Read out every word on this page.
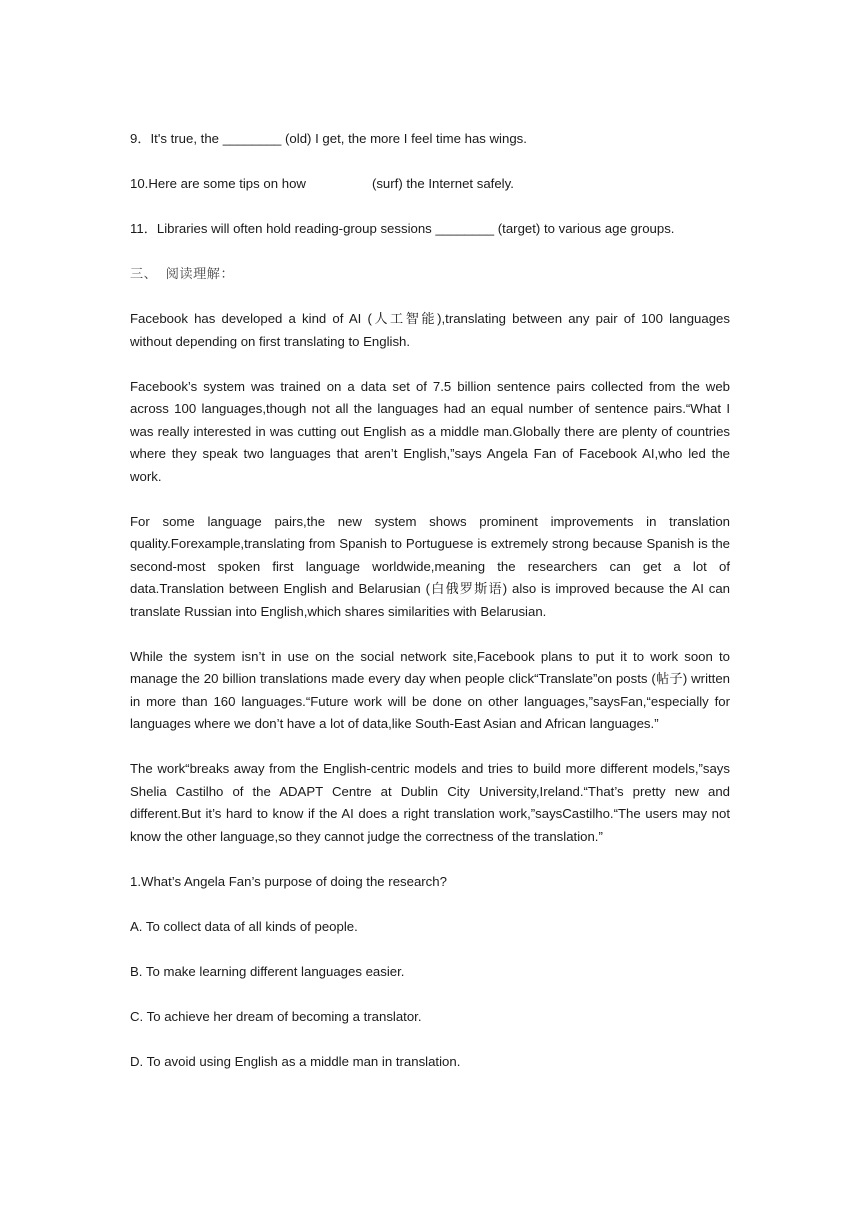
9．It's true, the ________ (old) I get, the more I feel time has wings.
10.Here are some tips on how	(surf) the Internet safely.
11．Libraries will often hold reading-group sessions ________ (target) to various age groups.
三、 阅读理解：

Facebook has developed a kind of AI (人工智能),translating between any pair of 100 languages without depending on first translating to English.

Facebook’s system was trained on a data set of 7.5 billion sentence pairs collected from the web across 100 languages,though not all the languages had an equal number of sentence pairs.“What I was really interested in was cutting out English as a middle man.Globally there are plenty of countries where they speak two languages that aren’t English,”says Angela Fan of Facebook AI,who led the work.

For some language pairs,the new system shows prominent improvements in translation quality.Forexample,translating from Spanish to Portuguese is extremely strong because Spanish is the second-most spoken first language worldwide,meaning the researchers can get a lot of data.Translation between English and Belarusian (白俄罗斯语) also is improved because the AI can translate Russian into English,which shares similarities with Belarusian.

While the system isn’t in use on the social network site,Facebook plans to put it to work soon to manage the 20 billion translations made every day when people click“Translate”on posts (帖子) written in more than 160 languages.“Future work will be done on other languages,”saysFan,“especially for languages where we don’t have a lot of data,like South-East Asian and African languages.”

The work“breaks away from the English-centric models and tries to build more different models,”says Shelia Castilho of the ADAPT Centre at Dublin City University,Ireland.“That’s pretty new and different.But it’s hard to know if the AI does a right translation work,”saysCastilho.“The users may not know the other language,so they cannot judge the correctness of the translation.”

1.What’s Angela Fan’s purpose of doing the research?
A. To collect data of all kinds of people.
B. To make learning different languages easier.
C. To achieve her dream of becoming a translator.
D. To avoid using English as a middle man in translation.
